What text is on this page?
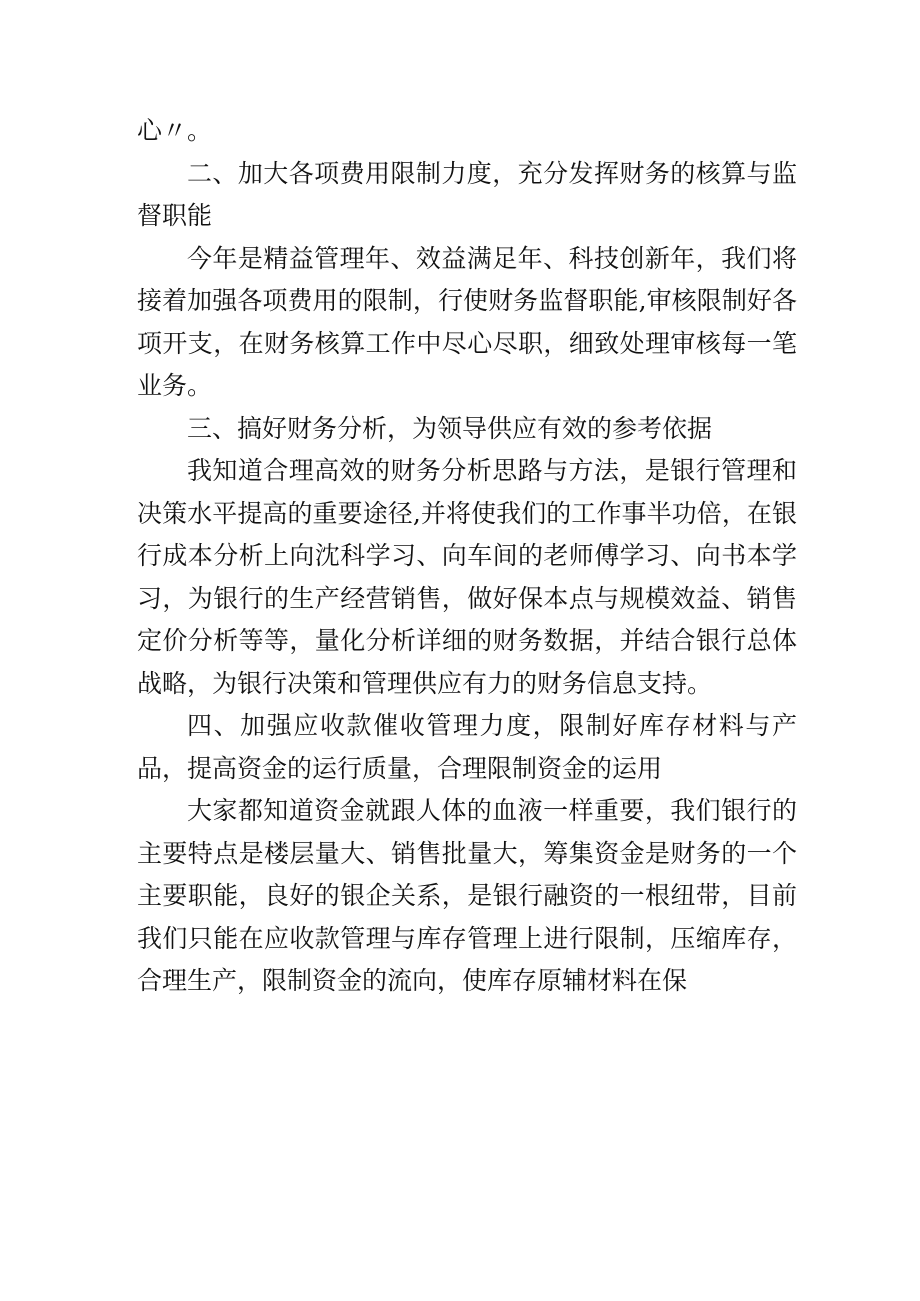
心〃。

二、加大各项费用限制力度，充分发挥财务的核算与监督职能

今年是精益管理年、效益满足年、科技创新年，我们将接着加强各项费用的限制，行使财务监督职能,审核限制好各项开支，在财务核算工作中尽心尽职，细致处理审核每一笔业务。

三、搞好财务分析，为领导供应有效的参考依据

我知道合理高效的财务分析思路与方法，是银行管理和决策水平提高的重要途径,并将使我们的工作事半功倍，在银行成本分析上向沈科学习、向车间的老师傅学习、向书本学习，为银行的生产经营销售，做好保本点与规模效益、销售定价分析等等，量化分析详细的财务数据，并结合银行总体战略，为银行决策和管理供应有力的财务信息支持。

四、加强应收款催收管理力度，限制好库存材料与产品，提高资金的运行质量，合理限制资金的运用

大家都知道资金就跟人体的血液一样重要，我们银行的主要特点是楼层量大、销售批量大，筹集资金是财务的一个主要职能，良好的银企关系，是银行融资的一根纽带，目前我们只能在应收款管理与库存管理上进行限制，压缩库存，合理生产，限制资金的流向，使库存原辅材料在保
